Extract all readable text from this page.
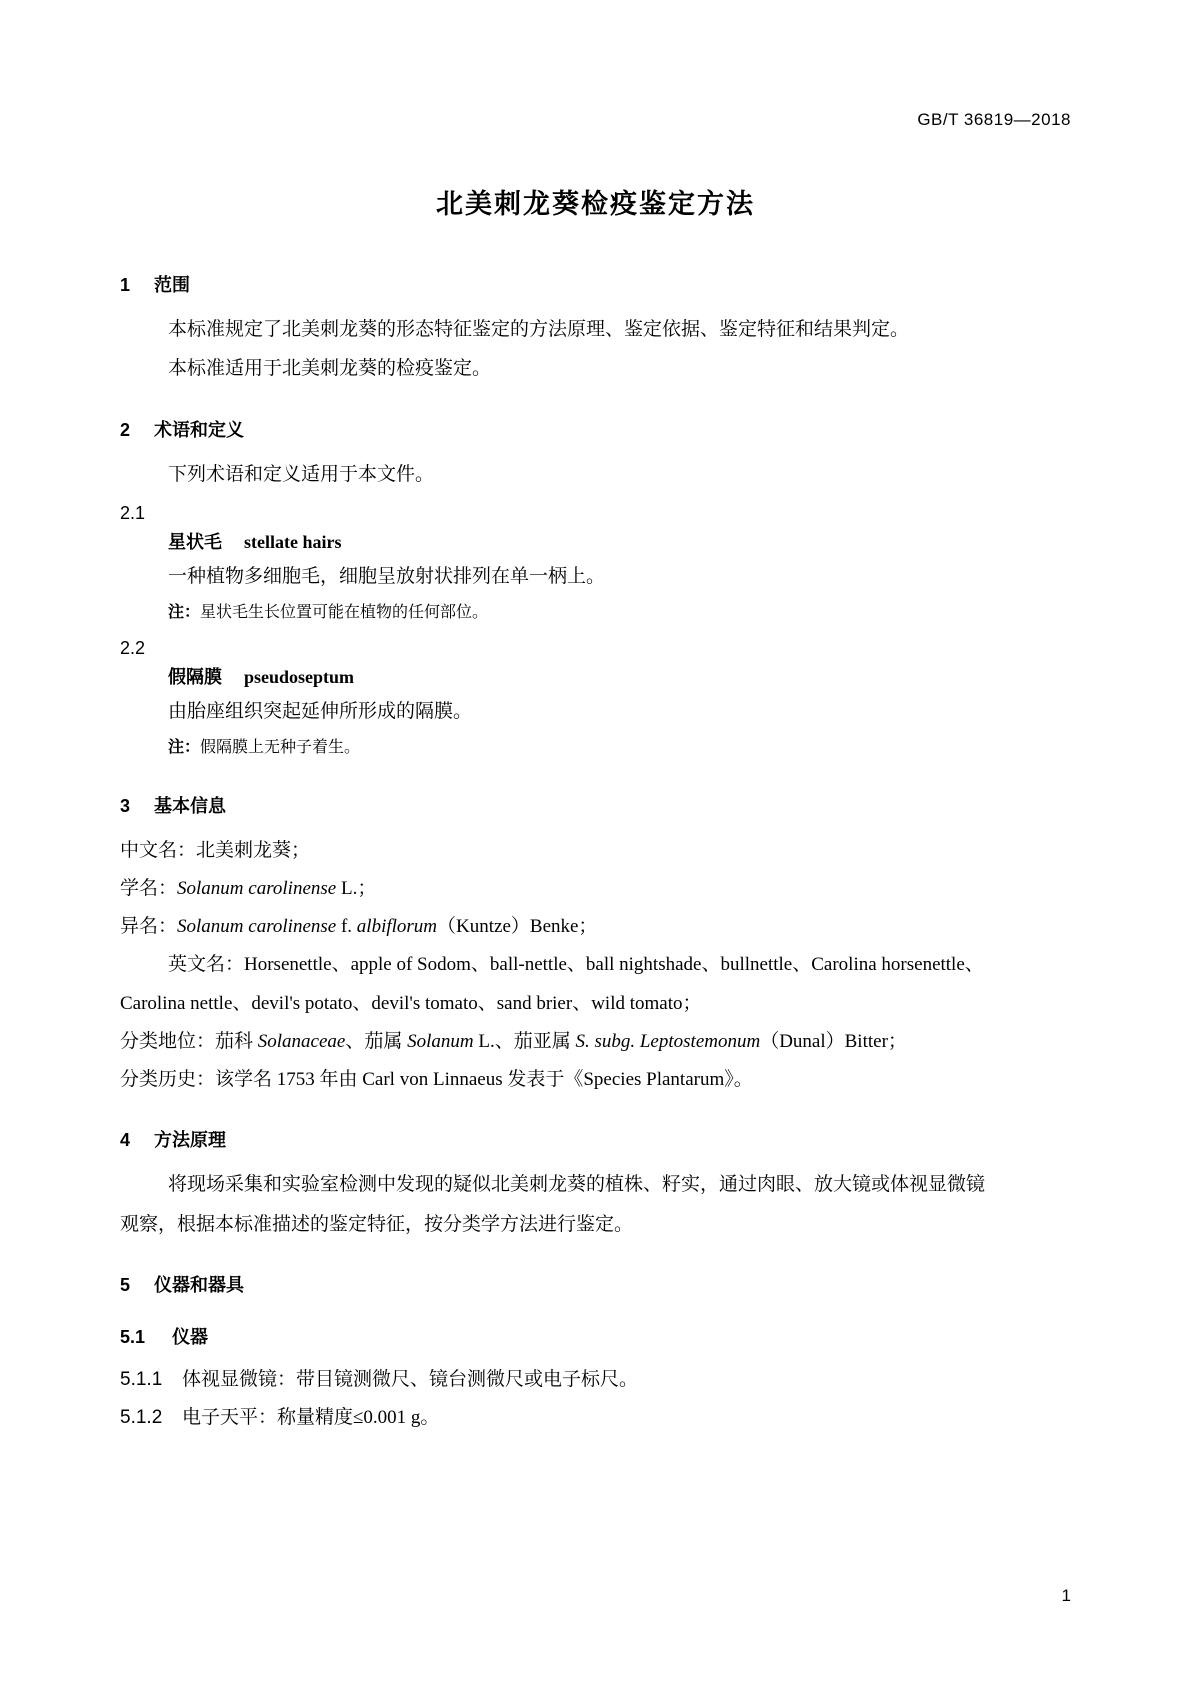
GB/T 36819—2018
北美刺龙葵检疫鉴定方法
1 范围

本标准规定了北美刺龙葵的形态特征鉴定的方法原理、鉴定依据、鉴定特征和结果判定。

本标准适用于北美刺龙葵的检疫鉴定。

2 术语和定义

下列术语和定义适用于本文件。

2.1
星状毛 stellate hairs

一种植物多细胞毛，细胞呈放射状排列在单一柄上。

注：星状毛生长位置可能在植物的任何部位。
2.2
假隔膜 pseudoseptum

由胎座组织突起延伸所形成的隔膜。

注：假隔膜上无种子着生。
3 基本信息

中文名：北美刺龙葵；

学名：Solanum carolinense L.；

异名：Solanum carolinense f. albiflorum（Kuntze）Benke；

英文名：Horsenettle、apple of Sodom、ball-nettle、ball nightshade、bullnettle、Carolina horsenettle、

Carolina nettle、devil's potato、devil's tomato、sand brier、wild tomato；

分类地位：茄科 Solanaceae、茄属 Solanum L.、茄亚属 S. subg. Leptostemonum（Dunal）Bitter；

分类历史：该学名 1753 年由 Carl von Linnaeus 发表于《Species Plantarum》。

4 方法原理

将现场采集和实验室检测中发现的疑似北美刺龙葵的植株、籽实，通过肉眼、放大镜或体视显微镜

观察，根据本标准描述的鉴定特征，按分类学方法进行鉴定。

5 仪器和器具
5.1 仪器
5.1.1 体视显微镜：带目镜测微尺、镜台测微尺或电子标尺。
5.1.2 电子天平：称量精度≤0.001 g。
1
